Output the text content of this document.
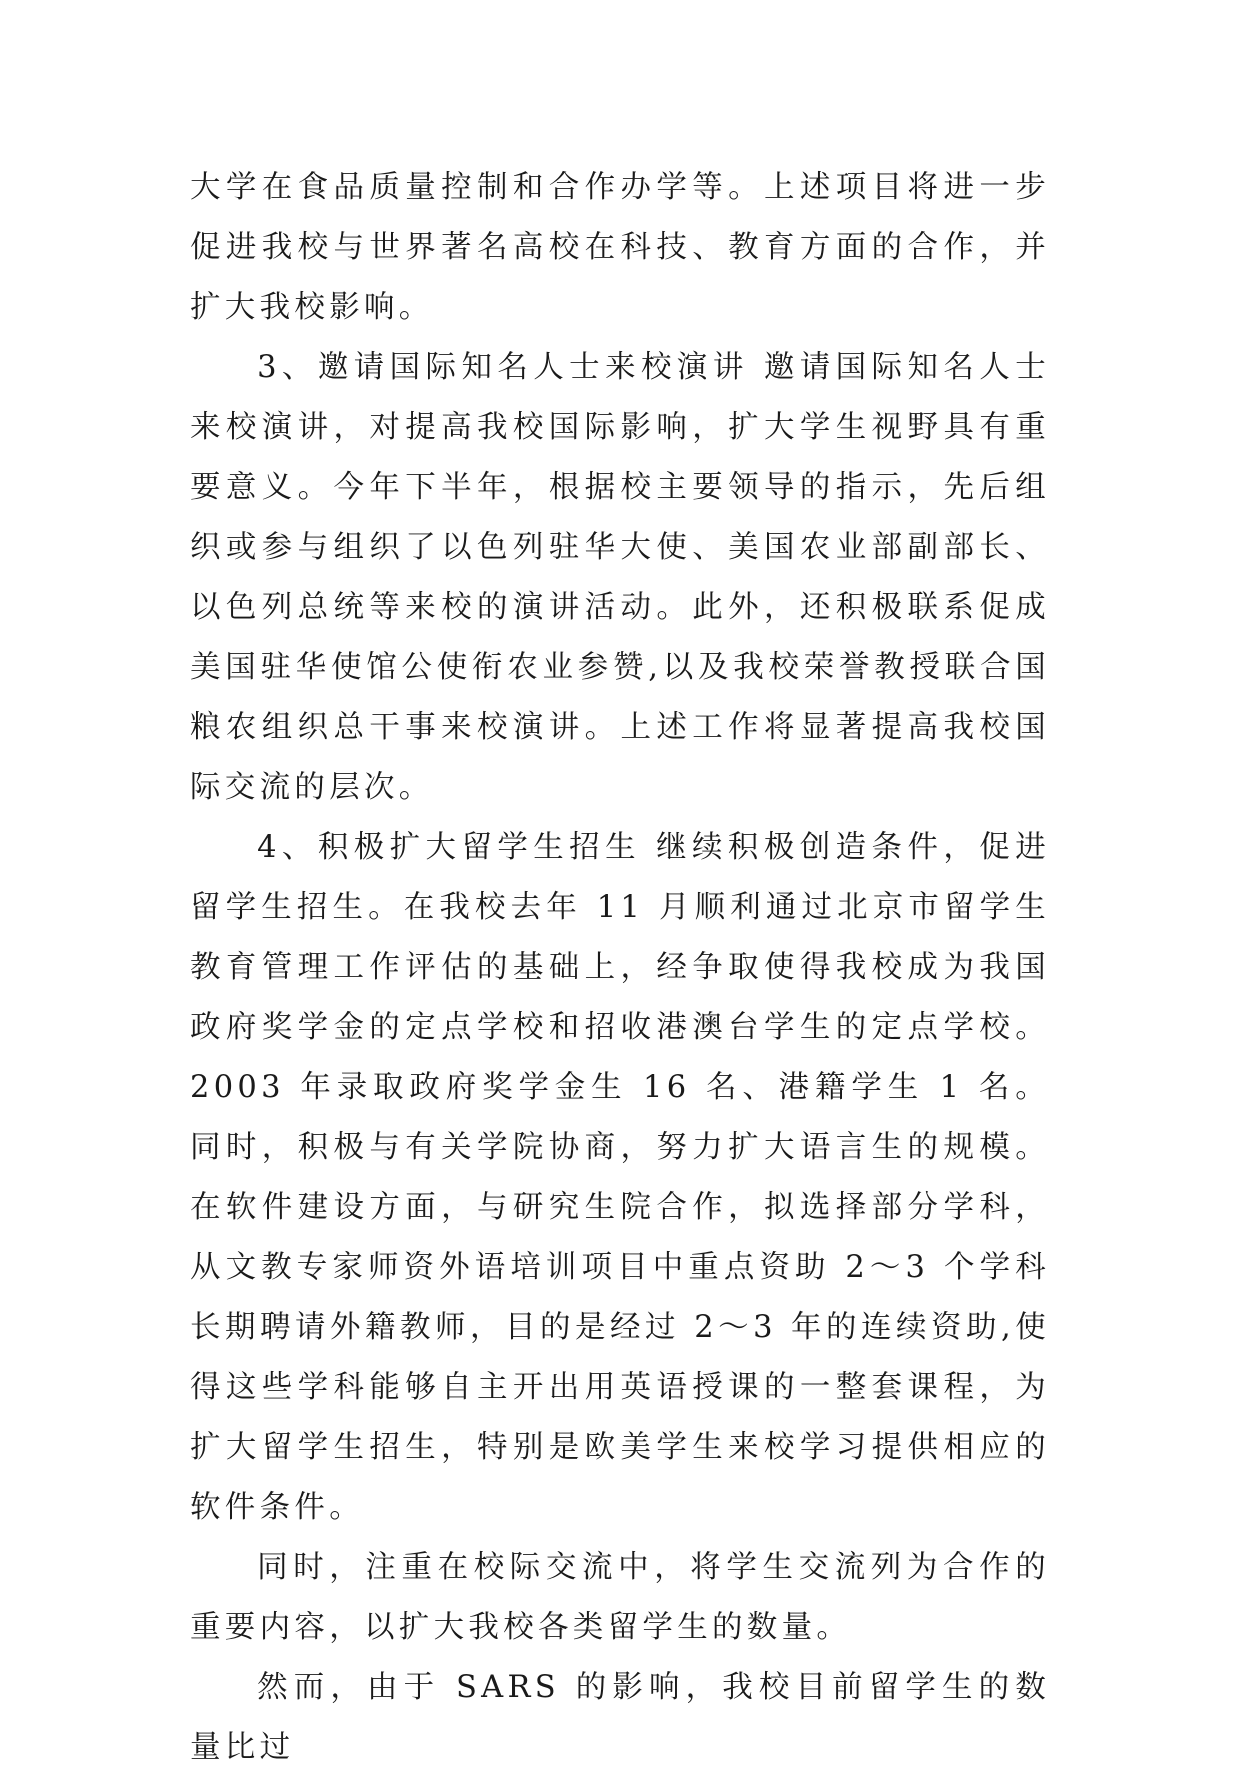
大学在食品质量控制和合作办学等。上述项目将进一步促进我校与世界著名高校在科技、教育方面的合作，并扩大我校影响。

3、邀请国际知名人士来校演讲 邀请国际知名人士来校演讲，对提高我校国际影响，扩大学生视野具有重要意义。今年下半年，根据校主要领导的指示，先后组织或参与组织了以色列驻华大使、美国农业部副部长、以色列总统等来校的演讲活动。此外，还积极联系促成美国驻华使馆公使衔农业参赞,以及我校荣誉教授联合国粮农组织总干事来校演讲。上述工作将显著提高我校国际交流的层次。

4、积极扩大留学生招生 继续积极创造条件，促进留学生招生。在我校去年 11 月顺利通过北京市留学生教育管理工作评估的基础上，经争取使得我校成为我国政府奖学金的定点学校和招收港澳台学生的定点学校。2003 年录取政府奖学金生 16 名、港籍学生 1 名。同时，积极与有关学院协商，努力扩大语言生的规模。在软件建设方面，与研究生院合作，拟选择部分学科，从文教专家师资外语培训项目中重点资助 2～3 个学科长期聘请外籍教师，目的是经过 2～3 年的连续资助,使得这些学科能够自主开出用英语授课的一整套课程，为扩大留学生招生，特别是欧美学生来校学习提供相应的软件条件。

同时，注重在校际交流中，将学生交流列为合作的重要内容，以扩大我校各类留学生的数量。

然而，由于 SARS 的影响，我校目前留学生的数量比过
